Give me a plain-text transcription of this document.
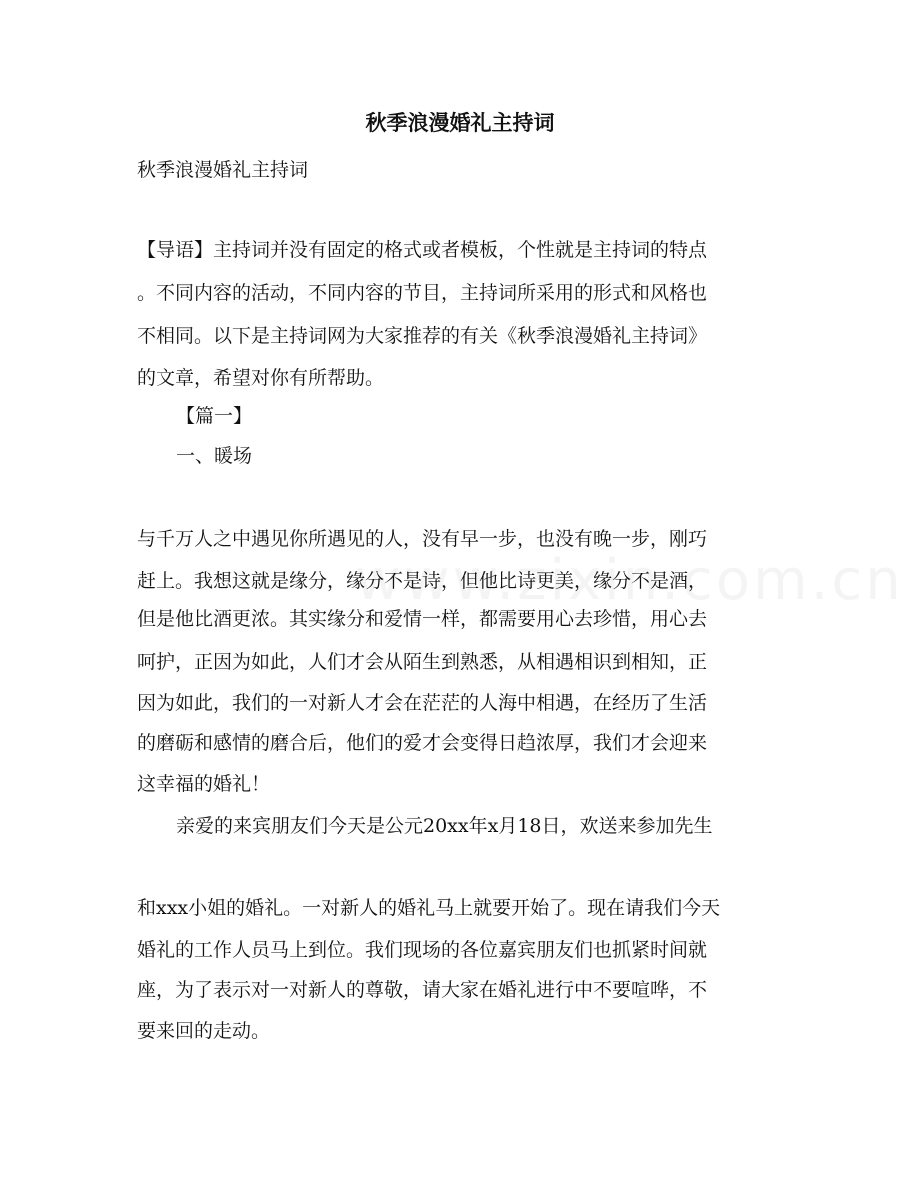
秋季浪漫婚礼主持词
秋季浪漫婚礼主持词
【导语】主持词并没有固定的格式或者模板，个性就是主持词的特点
。不同内容的活动，不同内容的节目，主持词所采用的形式和风格也
不相同。以下是主持词网为大家推荐的有关《秋季浪漫婚礼主持词》
的文章，希望对你有所帮助。
【篇一】
一、暖场
与千万人之中遇见你所遇见的人，没有早一步，也没有晚一步，刚巧
赶上。我想这就是缘分，缘分不是诗，但他比诗更美，缘分不是酒，
但是他比酒更浓。其实缘分和爱情一样，都需要用心去珍惜，用心去
呵护，正因为如此，人们才会从陌生到熟悉，从相遇相识到相知，正
因为如此，我们的一对新人才会在茫茫的人海中相遇，在经历了生活
的磨砺和感情的磨合后，他们的爱才会变得日趋浓厚，我们才会迎来
这幸福的婚礼！
亲爱的来宾朋友们今天是公元20xx年x月18日，欢送来参加先生
和xxx小姐的婚礼。一对新人的婚礼马上就要开始了。现在请我们今天
婚礼的工作人员马上到位。我们现场的各位嘉宾朋友们也抓紧时间就
座，为了表示对一对新人的尊敬，请大家在婚礼进行中不要喧哗，不
要来回的走动。
